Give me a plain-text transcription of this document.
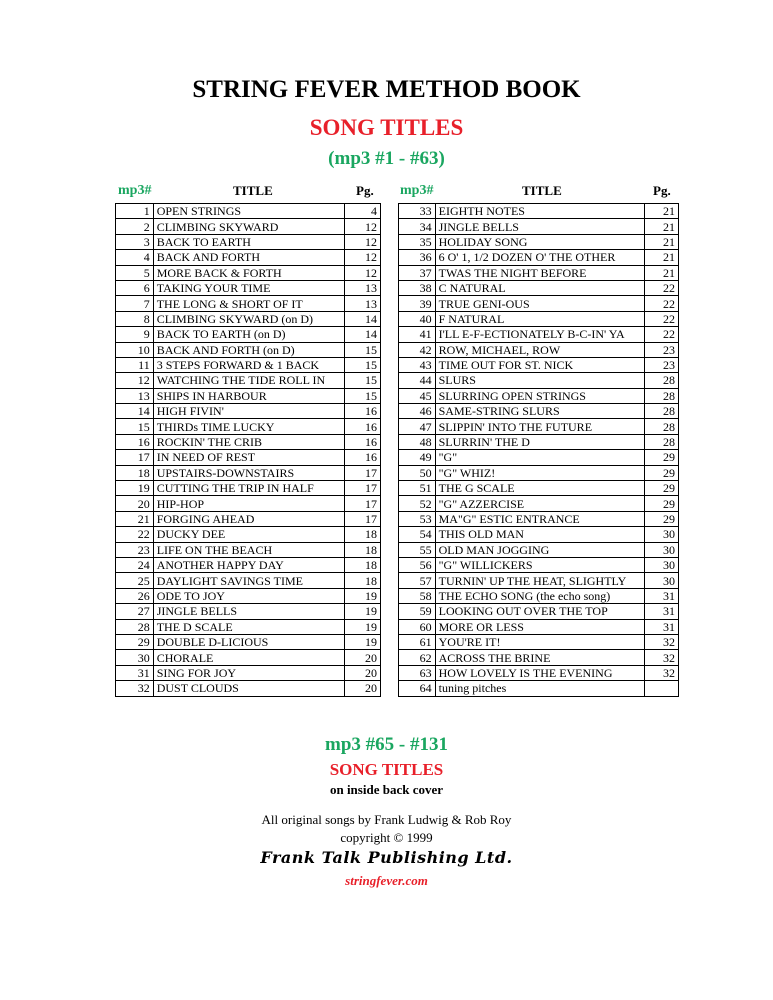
STRING FEVER METHOD BOOK
SONG TITLES
(mp3 #1 - #63)
mp3#	TITLE	Pg. mp3#	TITLE	Pg.
1	OPEN STRINGS	4
2	CLIMBING SKYWARD	12
3	BACK TO EARTH	12
4	BACK AND FORTH	12
5	MORE BACK & FORTH	12
6	TAKING YOUR TIME	13
7	THE LONG & SHORT OF IT	13
8	CLIMBING SKYWARD (on D)	14
9	BACK TO EARTH (on D)	14
10	BACK AND FORTH (on D)	15
11	3 STEPS FORWARD & 1 BACK	15
12	WATCHING THE TIDE ROLL IN	15
13	SHIPS IN HARBOUR	15
14	HIGH FIVIN'	16
15	THIRDs TIME LUCKY	16
16	ROCKIN' THE CRIB	16
17	IN NEED OF REST	16
18	UPSTAIRS-DOWNSTAIRS	17
19	CUTTING THE TRIP IN HALF	17
20	HIP-HOP	17
21	FORGING AHEAD	17
22	DUCKY DEE	18
23	LIFE ON THE BEACH	18
24	ANOTHER HAPPY DAY	18
25	DAYLIGHT SAVINGS TIME	18
26	ODE TO JOY	19
27	JINGLE BELLS	19
28	THE D SCALE	19
29	DOUBLE D-LICIOUS	19
30	CHORALE	20
31	SING FOR JOY	20
32	DUST CLOUDS	20
33	EIGHTH NOTES	21
34	JINGLE BELLS	21
35	HOLIDAY SONG	21
36	6 O' 1, 1/2 DOZEN O' THE OTHER	21
37	TWAS THE NIGHT BEFORE	21
38	C NATURAL	22
39	TRUE GENI-OUS	22
40	F NATURAL	22
41	I'LL E-F-ECTIONATELY B-C-IN' YA	22
42	ROW, MICHAEL, ROW	23
43	TIME OUT FOR ST. NICK	23
44	SLURS	28
45	SLURRING OPEN STRINGS	28
46	SAME-STRING SLURS	28
47	SLIPPIN' INTO THE FUTURE	28
48	SLURRIN' THE D	28
49	"G"	29
50	"G" WHIZ!	29
51	THE G SCALE	29
52	"G" AZZERCISE	29
53	MA"G" ESTIC ENTRANCE	29
54	THIS OLD MAN	30
55	OLD MAN JOGGING	30
56	"G" WILLICKERS	30
57	TURNIN' UP THE HEAT, SLIGHTLY	30
58	THE ECHO SONG (the echo song)	31
59	LOOKING OUT OVER THE TOP	31
60	MORE OR LESS	31
61	YOU'RE IT!	32
62	ACROSS THE BRINE	32
63	HOW LOVELY IS THE EVENING	32
64	tuning pitches	
mp3 #65 - #131
SONG TITLES
on inside back cover
All original songs by Frank Ludwig & Rob Roy
copyright © 1999
Frank Talk Publishing Ltd.
stringfever.com
